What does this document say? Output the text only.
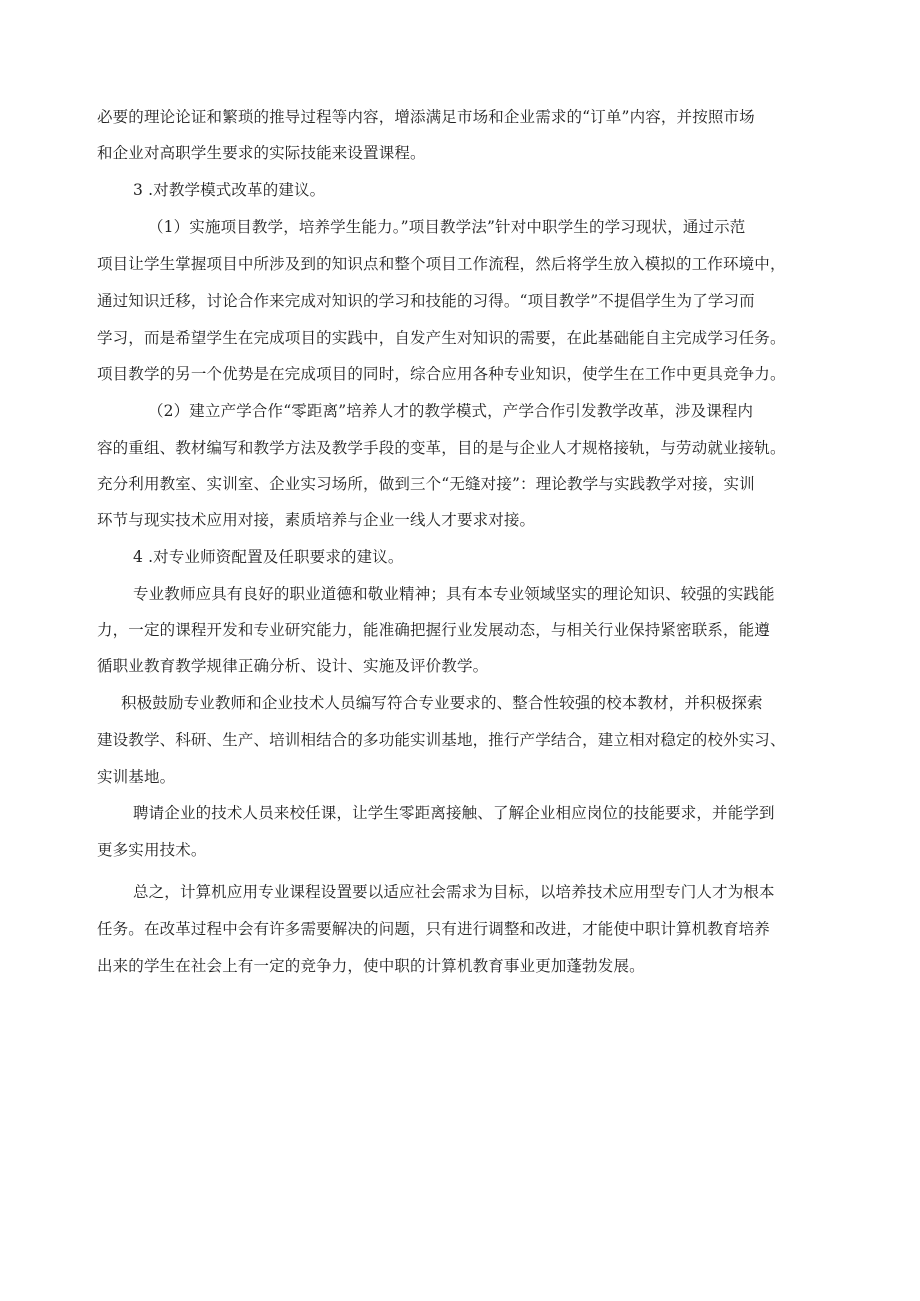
必要的理论论证和繁琐的推导过程等内容，增添满足市场和企业需求的“订单”内容，并按照市场
和企业对高职学生要求的实际技能来设置课程。
3 .对教学模式改革的建议。
（1）实施项目教学，培养学生能力。”项目教学法”针对中职学生的学习现状，通过示范
项目让学生掌握项目中所涉及到的知识点和整个项目工作流程，然后将学生放入模拟的工作环境中，
通过知识迁移，讨论合作来完成对知识的学习和技能的习得。“项目教学”不提倡学生为了学习而
学习，而是希望学生在完成项目的实践中，自发产生对知识的需要，在此基础能自主完成学习任务。
项目教学的另一个优势是在完成项目的同时，综合应用各种专业知识，使学生在工作中更具竞争力。
（2）建立产学合作“零距离”培养人才的教学模式，产学合作引发教学改革，涉及课程内
容的重组、教材编写和教学方法及教学手段的变革，目的是与企业人才规格接轨，与劳动就业接轨。
充分利用教室、实训室、企业实习场所，做到三个“无缝对接”：理论教学与实践教学对接，实训
环节与现实技术应用对接，素质培养与企业一线人才要求对接。
4 .对专业师资配置及任职要求的建议。
专业教师应具有良好的职业道德和敬业精神；具有本专业领域坚实的理论知识、较强的实践能
力，一定的课程开发和专业研究能力，能准确把握行业发展动态，与相关行业保持紧密联系，能遵
循职业教育教学规律正确分析、设计、实施及评价教学。
积极鼓励专业教师和企业技术人员编写符合专业要求的、整合性较强的校本教材，并积极探索
建设教学、科研、生产、培训相结合的多功能实训基地，推行产学结合，建立相对稳定的校外实习、
实训基地。
聘请企业的技术人员来校任课，让学生零距离接触、了解企业相应岗位的技能要求，并能学到
更多实用技术。
总之，计算机应用专业课程设置要以适应社会需求为目标，以培养技术应用型专门人才为根本
任务。在改革过程中会有许多需要解决的问题，只有进行调整和改进，才能使中职计算机教育培养
出来的学生在社会上有一定的竞争力，使中职的计算机教育事业更加蓬勃发展。
